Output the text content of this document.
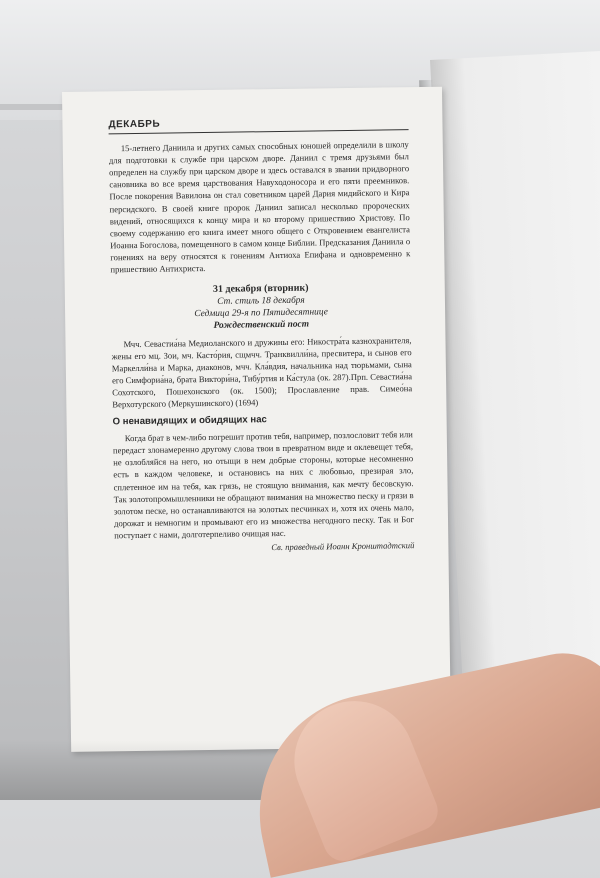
ДЕКАБРЬ

15-летнего Даниила и других самых способных юношей определили в школу для подготовки к службе при царском дворе. Даниил с тремя друзьями был определен на службу при царском дворе и здесь оставался в звании придворного сановника во все время царствования Навуходоносора и его пяти преемников. После покорения Вавилона он стал советником царей Дария мидийского и Кира персидского. В своей книге пророк Даниил записал несколько пророческих видений, относящихся к концу мира и ко второму пришествию Христову. По своему содержанию его книга имеет много общего с Откровением евангелиста Иоанна Богослова, помещенного в самом конце Библии. Предсказания Даниила о гонениях на веру относятся к гонениям Антиоха Епифана и одновременно к пришествию Антихриста.

31 декабря (вторник)
Ст. стиль 18 декабря
Седмица 29-я по Пятидесятнице
Рождественский пост

Мчч. Севастиа́на Медиоланского и дружины его: Никостра́та казнохранителя, жены его мц. Зои, мч. Касто́рия, сщмчч. Транквилли́на, пресвитера, и сынов его Маркелли́на и Марка, диаконов, мчч. Кла́вдия, начальника над тюрьмами, сына его Симфориа́на, брата Виктори́на, Тибу́ртия и Ка́стула (ок. 287).Прп. Севастиа́на Сохотского, Пошехонского (ок. 1500); Прославление прав. Симео́на Верхотурского (Меркушинского) (1694)

О ненавидящих и обидящих нас

Когда брат в чем-либо погрешит против тебя, например, позлословит тебя или передаст злонамеренно другому слова твои в превратном виде и оклевещет тебя, не озлобляйся на него, но отыщи в нем добрые стороны, которые несомненно есть в каждом человеке, и остановись на них с любовью, презирая зло, сплетенное им на тебя, как грязь, не стоящую внимания, как мечту бесовскую. Так золотопромышленники не обращают внимания на множество песку и грязи в золотом песке, но останавливаются на золотых песчинках и, хотя их очень мало, дорожат и немногим и промывают его из множества негодного песку. Так и Бог поступает с нами, долготерпеливо очищая нас.

Св. праведный Иоанн Кронштадтский
